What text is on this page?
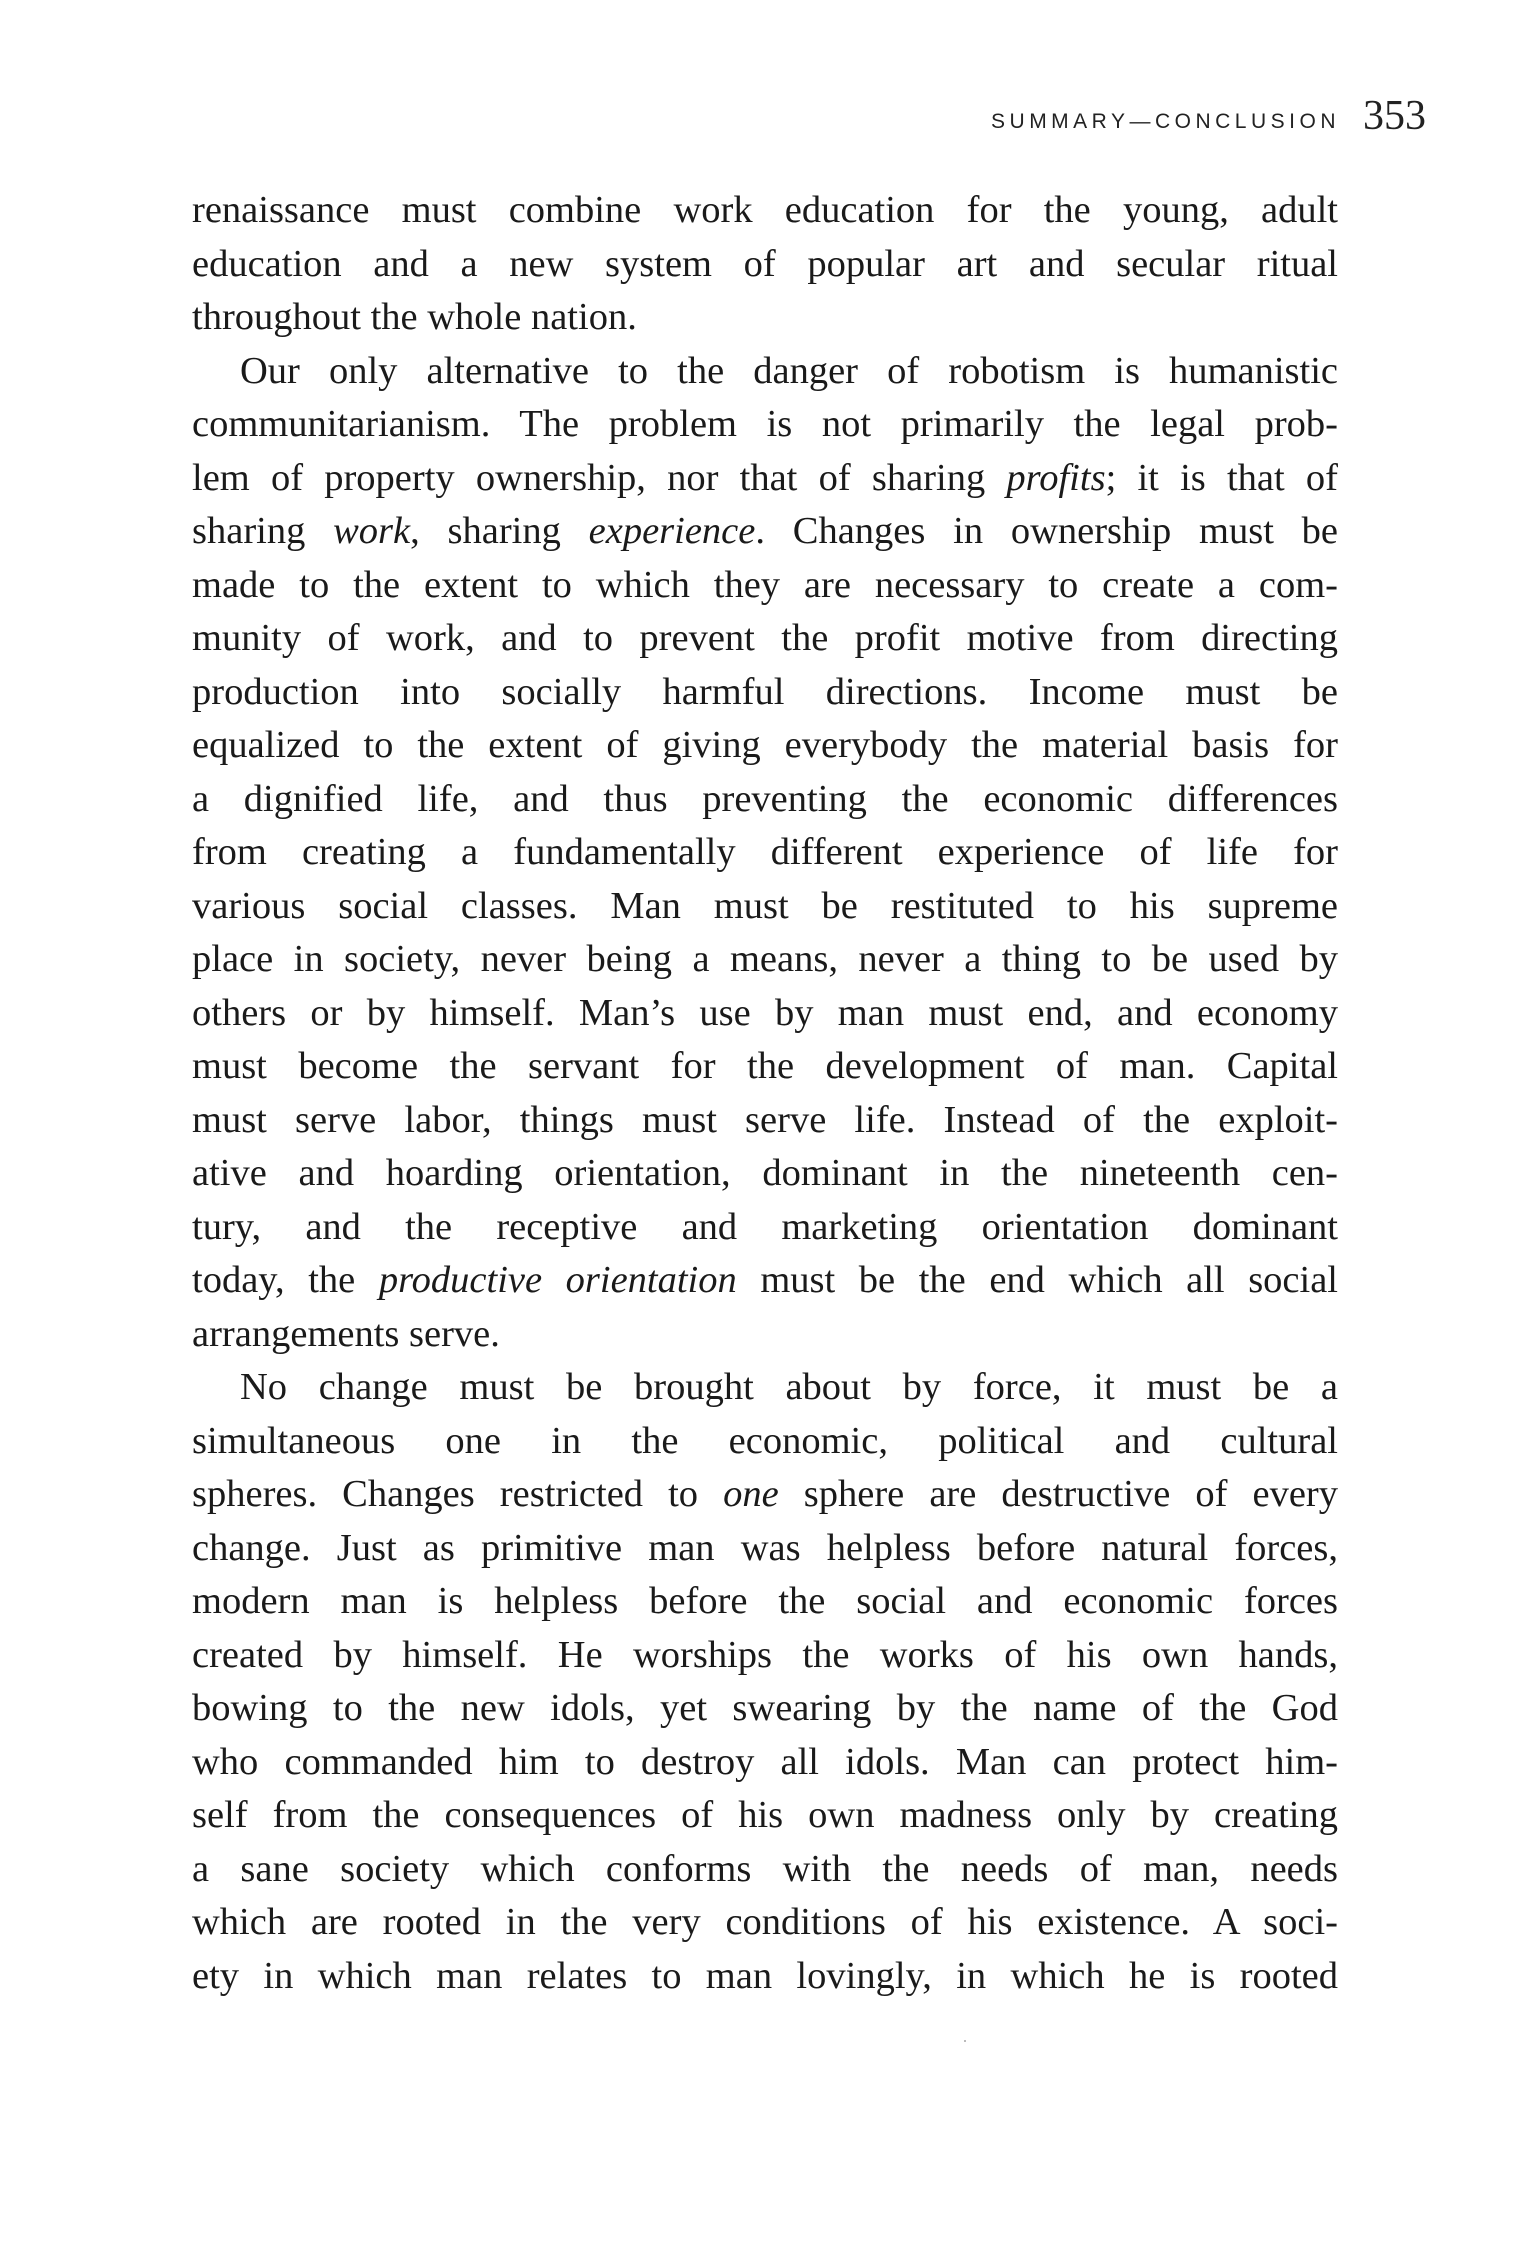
SUMMARY—CONCLUSION 353
renaissance must combine work education for the young, adult
education and a new system of popular art and secular ritual
throughout the whole nation.
Our only alternative to the danger of robotism is humanistic
communitarianism. The problem is not primarily the legal prob-
lem of property ownership, nor that of sharing profits; it is that of
sharing work, sharing experience. Changes in ownership must be
made to the extent to which they are necessary to create a com-
munity of work, and to prevent the profit motive from directing
production into socially harmful directions. Income must be
equalized to the extent of giving everybody the material basis for
a dignified life, and thus preventing the economic differences
from creating a fundamentally different experience of life for
various social classes. Man must be restituted to his supreme
place in society, never being a means, never a thing to be used by
others or by himself. Man’s use by man must end, and economy
must become the servant for the development of man. Capital
must serve labor, things must serve life. Instead of the exploit-
ative and hoarding orientation, dominant in the nineteenth cen-
tury, and the receptive and marketing orientation dominant
today, the productive orientation must be the end which all social
arrangements serve.
No change must be brought about by force, it must be a
simultaneous one in the economic, political and cultural
spheres. Changes restricted to one sphere are destructive of every
change. Just as primitive man was helpless before natural forces,
modern man is helpless before the social and economic forces
created by himself. He worships the works of his own hands,
bowing to the new idols, yet swearing by the name of the God
who commanded him to destroy all idols. Man can protect him-
self from the consequences of his own madness only by creating
a sane society which conforms with the needs of man, needs
which are rooted in the very conditions of his existence. A soci-
ety in which man relates to man lovingly, in which he is rooted
